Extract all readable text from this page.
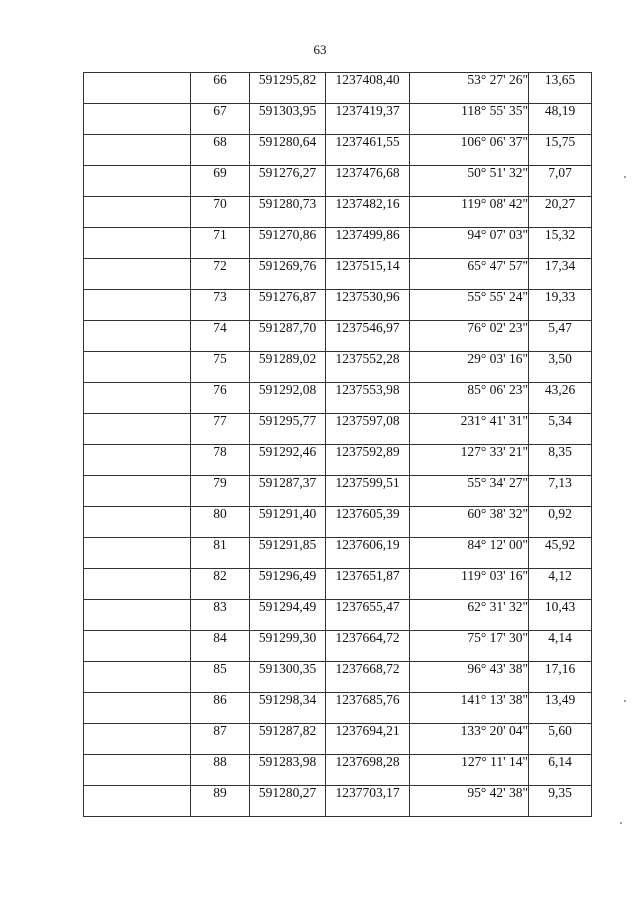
63
	66	591295,82	1237408,40	53° 27' 26"	13,65
	67	591303,95	1237419,37	118° 55' 35"	48,19
	68	591280,64	1237461,55	106° 06' 37"	15,75
	69	591276,27	1237476,68	50° 51' 32"	7,07
	70	591280,73	1237482,16	119° 08' 42"	20,27
	71	591270,86	1237499,86	94° 07' 03"	15,32
	72	591269,76	1237515,14	65° 47' 57"	17,34
	73	591276,87	1237530,96	55° 55' 24"	19,33
	74	591287,70	1237546,97	76° 02' 23"	5,47
	75	591289,02	1237552,28	29° 03' 16"	3,50
	76	591292,08	1237553,98	85° 06' 23"	43,26
	77	591295,77	1237597,08	231° 41' 31"	5,34
	78	591292,46	1237592,89	127° 33' 21"	8,35
	79	591287,37	1237599,51	55° 34' 27"	7,13
	80	591291,40	1237605,39	60° 38' 32"	0,92
	81	591291,85	1237606,19	84° 12' 00"	45,92
	82	591296,49	1237651,87	119° 03' 16"	4,12
	83	591294,49	1237655,47	62° 31' 32"	10,43
	84	591299,30	1237664,72	75° 17' 30"	4,14
	85	591300,35	1237668,72	96° 43' 38"	17,16
	86	591298,34	1237685,76	141° 13' 38"	13,49
	87	591287,82	1237694,21	133° 20' 04"	5,60
	88	591283,98	1237698,28	127° 11' 14"	6,14
	89	591280,27	1237703,17	95° 42' 38"	9,35
